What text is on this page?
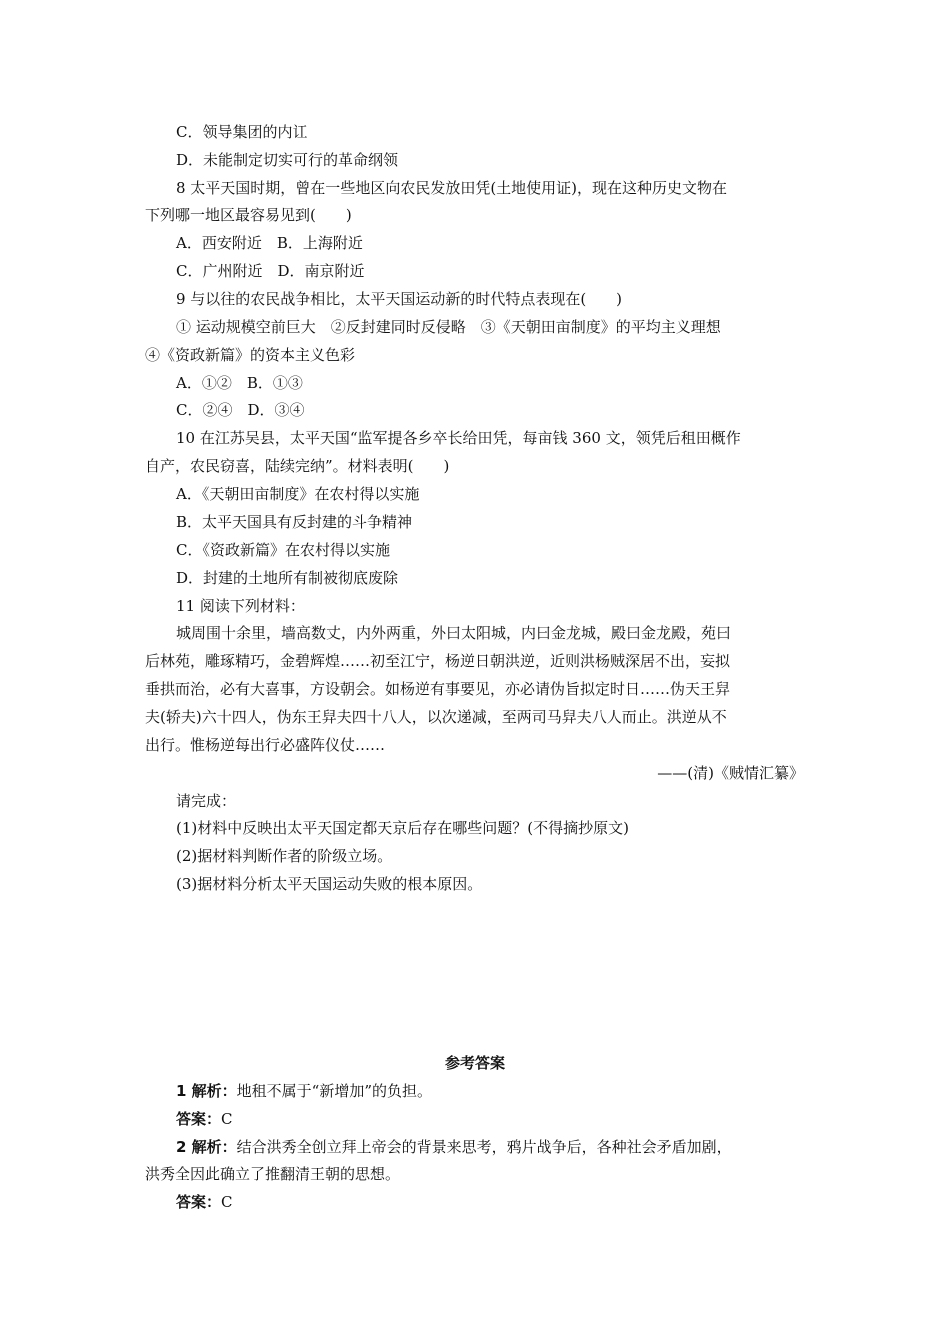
C．领导集团的内讧
D．未能制定切实可行的革命纲领
8 太平天国时期，曾在一些地区向农民发放田凭(土地使用证)，现在这种历史文物在
下列哪一地区最容易见到(　　)
A．西安附近　B．上海附近
C．广州附近　D．南京附近
9 与以往的农民战争相比，太平天国运动新的时代特点表现在(　　)
① 运动规模空前巨大　②反封建同时反侵略　③《天朝田亩制度》的平均主义理想
④《资政新篇》的资本主义色彩
A．①②　B．①③
C．②④　D．③④
10 在江苏吴县，太平天国“监军提各乡卒长给田凭，每亩钱 360 文，领凭后租田概作
自产，农民窃喜，陆续完纳”。材料表明(　　)
A．《天朝田亩制度》在农村得以实施
B．太平天国具有反封建的斗争精神
C．《资政新篇》在农村得以实施
D．封建的土地所有制被彻底废除
11 阅读下列材料：
城周围十余里，墙高数丈，内外两重，外曰太阳城，内曰金龙城，殿曰金龙殿，苑曰
后林苑，雕琢精巧，金碧辉煌……初至江宁，杨逆日朝洪逆，近则洪杨贼深居不出，妄拟
垂拱而治，必有大喜事，方设朝会。如杨逆有事要见，亦必请伪旨拟定时日……伪天王舁
夫(轿夫)六十四人，伪东王舁夫四十八人，以次递减，至两司马舁夫八人而止。洪逆从不
出行。惟杨逆每出行必盛阵仪仗……
——(清)《贼情汇纂》
请完成：
(1)材料中反映出太平天国定都天京后存在哪些问题？(不得摘抄原文)
(2)据材料判断作者的阶级立场。
(3)据材料分析太平天国运动失败的根本原因。
参考答案
1 解析：地租不属于“新增加”的负担。
答案：C
2 解析：结合洪秀全创立拜上帝会的背景来思考，鸦片战争后，各种社会矛盾加剧，
洪秀全因此确立了推翻清王朝的思想。
答案：C
